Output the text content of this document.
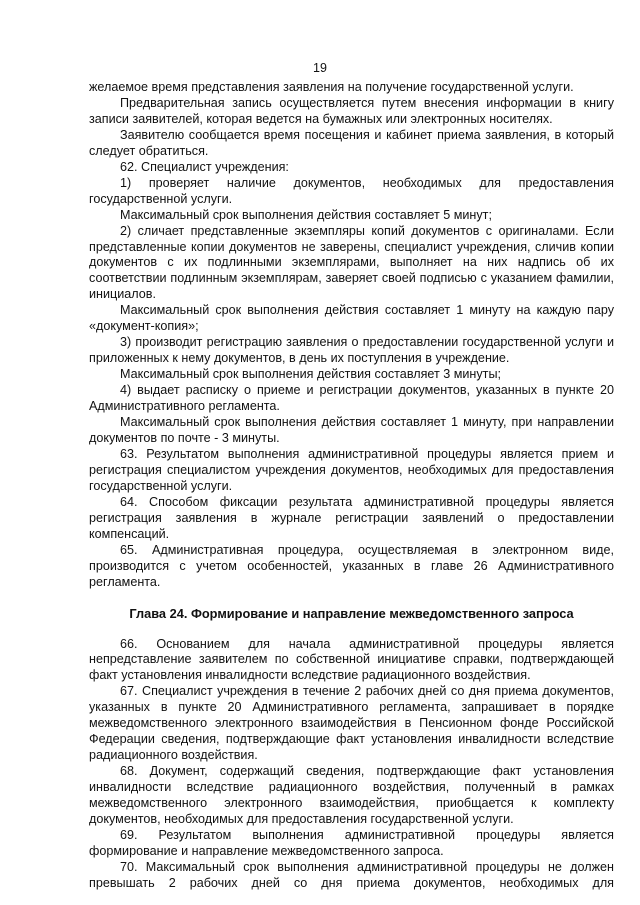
19

желаемое время представления заявления на получение государственной услуги.

Предварительная запись осуществляется путем внесения информации в книгу записи заявителей, которая ведется на бумажных или электронных носителях.

Заявителю сообщается время посещения и кабинет приема заявления, в который следует обратиться.

62. Специалист учреждения:

1) проверяет наличие документов, необходимых для предоставления государственной услуги.

Максимальный срок выполнения действия составляет 5 минут;

2) сличает представленные экземпляры копий документов с оригиналами. Если представленные копии документов не заверены, специалист учреждения, сличив копии документов с их подлинными экземплярами, выполняет на них надпись об их соответствии подлинным экземплярам, заверяет своей подписью с указанием фамилии, инициалов.

Максимальный срок выполнения действия составляет 1 минуту на каждую пару «документ-копия»;

3) производит регистрацию заявления о предоставлении государственной услуги и приложенных к нему документов, в день их поступления в учреждение.

Максимальный срок выполнения действия составляет 3 минуты;

4) выдает расписку о приеме и регистрации документов, указанных в пункте 20 Административного регламента.

Максимальный срок выполнения действия составляет 1 минуту, при направлении документов по почте - 3 минуты.

63. Результатом выполнения административной процедуры является прием и регистрация специалистом учреждения документов, необходимых для предоставления государственной услуги.

64. Способом фиксации результата административной процедуры является регистрация заявления в журнале регистрации заявлений о предоставлении компенсаций.

65. Административная процедура, осуществляемая в электронном виде, производится с учетом особенностей, указанных в главе 26 Административного регламента.

Глава 24. Формирование и направление межведомственного запроса

66. Основанием для начала административной процедуры является непредставление заявителем по собственной инициативе справки, подтверждающей факт установления инвалидности вследствие радиационного воздействия.

67. Специалист учреждения в течение 2 рабочих дней со дня приема документов, указанных в пункте 20 Административного регламента, запрашивает в порядке межведомственного электронного взаимодействия в Пенсионном фонде Российской Федерации сведения, подтверждающие факт установления инвалидности вследствие радиационного воздействия.

68. Документ, содержащий сведения, подтверждающие факт установления инвалидности вследствие радиационного воздействия, полученный в рамках межведомственного электронного взаимодействия, приобщается к комплекту документов, необходимых для предоставления государственной услуги.

69. Результатом выполнения административной процедуры является формирование и направление межведомственного запроса.

70. Максимальный срок выполнения административной процедуры не должен превышать 2 рабочих дней со дня приема документов, необходимых для
